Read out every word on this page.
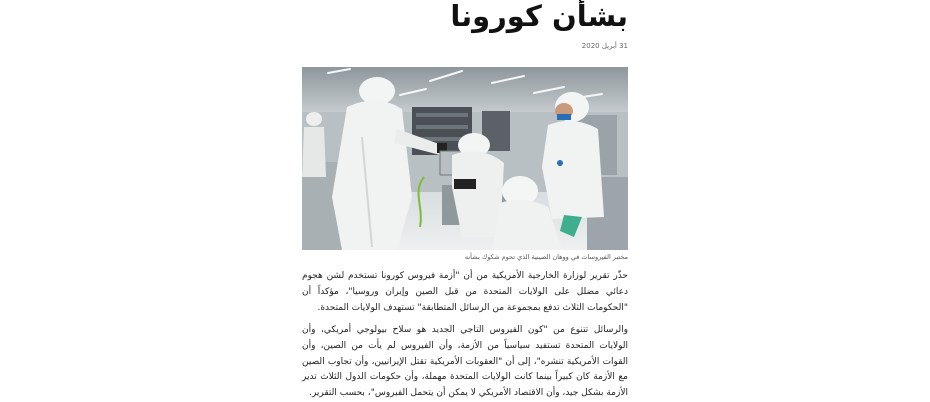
بشأن كورونا
31 أبريل 2020
مختبر الفيروسات في ووهان الصينية الذي تحوم شكوك بشأنه

حذّر تقرير لوزارة الخارجية الأمريكية من أن "أزمة فيروس كورونا تستخدم لشن هجوم دعائي مضلل على الولايات المتحدة من قبل الصين وإيران وروسيا"، مؤكداً أن "الحكومات الثلاث تدفع بمجموعة من الرسائل المتطابقة" تستهدف الولايات المتحدة.

والرسائل تتنوع من "كون الفيروس التاجي الجديد هو سلاح بيولوجي أمريكي، وأن الولايات المتحدة تستفيد سياسياً من الأزمة، وأن الفيروس لم يأت من الصين، وأن القوات الأمريكية تنشره"، إلى أن "العقوبات الأمريكية تقتل الإيرانيين، وأن تجاوب الصين مع الأزمة كان كبيراً بينما كانت الولايات المتحدة مهملة، وأن حكومات الدول الثلاث تدير الأزمة بشكل جيد، وأن الاقتصاد الأمريكي لا يمكن أن يتحمل الفيروس"، بحسب التقرير.
